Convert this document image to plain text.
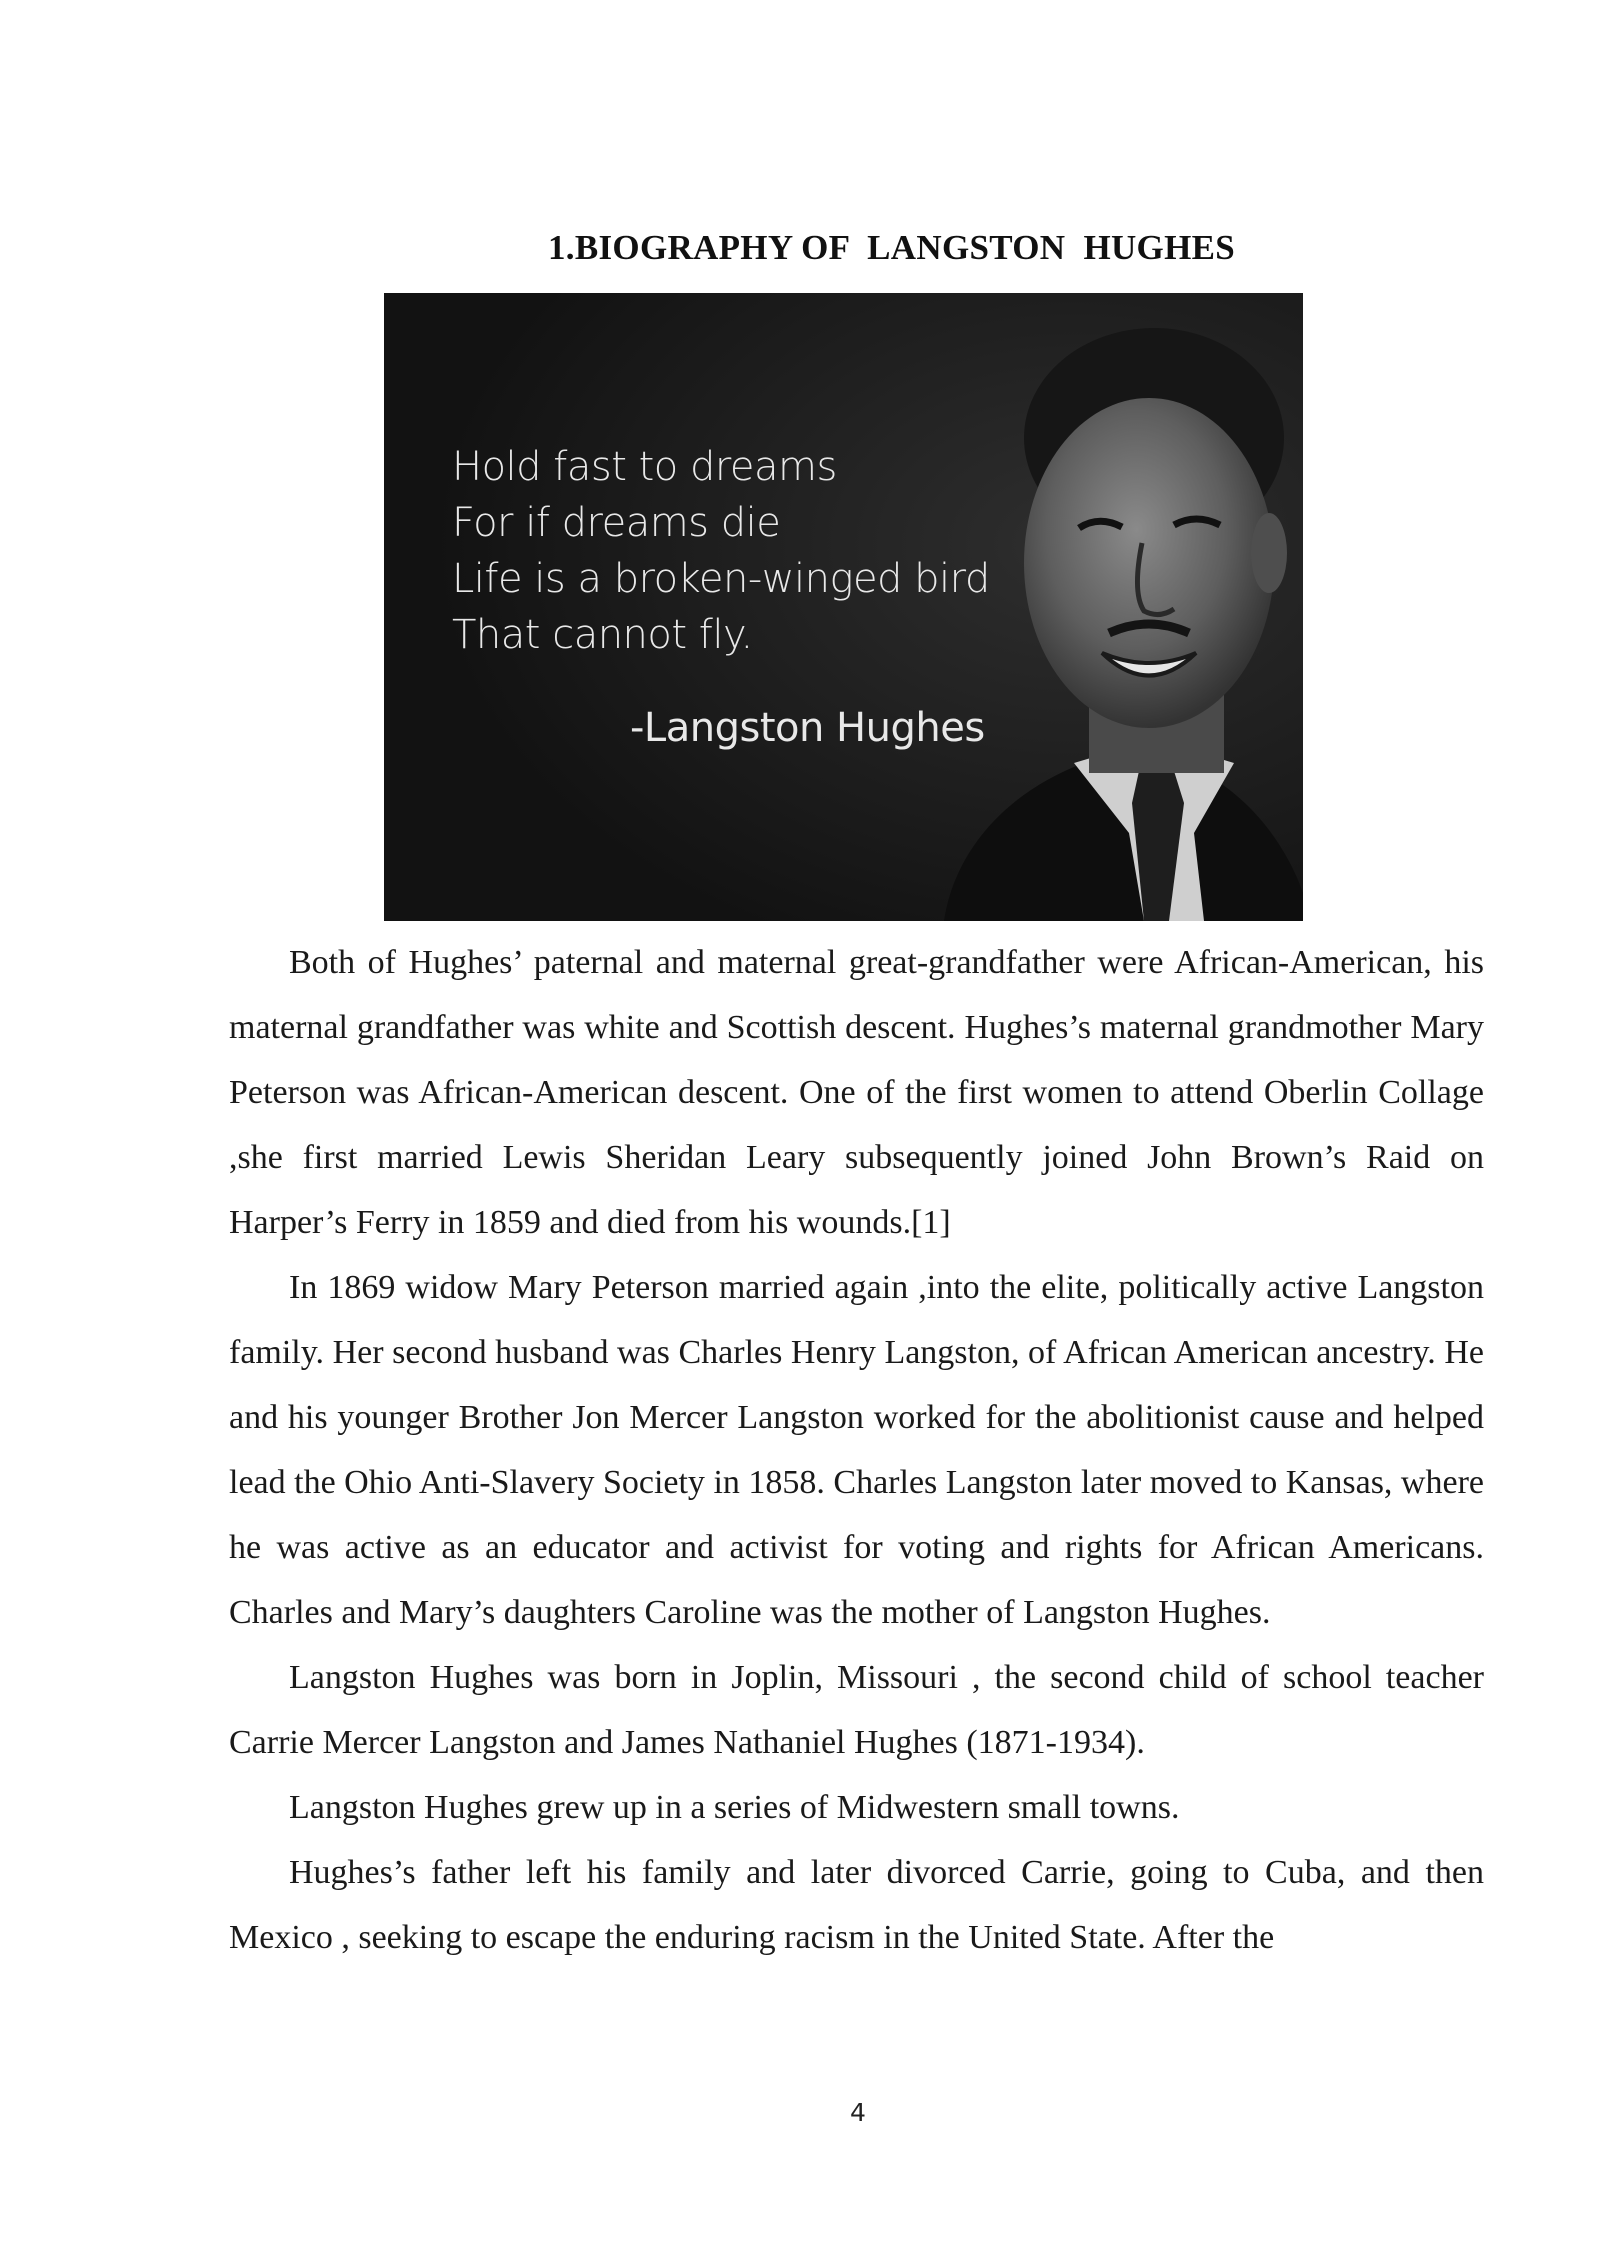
1.BIOGRAPHY OF  LANGSTON  HUGHES
Hold fast to dreams
For if dreams die
Life is a broken-winged bird
That cannot fly.
-Langston Hughes

Both of Hughes’ paternal and maternal great-grandfather were African-American, his maternal grandfather was white and Scottish descent. Hughes’s maternal grandmother Mary Peterson was African-American descent. One of the first women to attend Oberlin Collage ,she first married Lewis Sheridan Leary subsequently joined John Brown’s Raid on Harper’s Ferry in 1859 and died from his wounds.[1]

In 1869 widow Mary Peterson married again ,into the elite, politically active Langston family. Her second husband was Charles Henry Langston, of African American ancestry. He and his younger Brother Jon Mercer Langston worked for the abolitionist cause and helped lead the Ohio Anti-Slavery Society in 1858. Charles Langston later moved to Kansas, where he was active as an educator and activist for voting and rights for African Americans. Charles and Mary’s daughters Caroline was the mother of Langston Hughes.

Langston Hughes was born in Joplin, Missouri , the second child of school teacher Carrie Mercer Langston and James Nathaniel Hughes (1871-1934).

Langston Hughes grew up in a series of Midwestern small towns.

Hughes’s father left his family and later divorced Carrie, going to Cuba, and then Mexico , seeking to escape the enduring racism in the United State. After the

4
